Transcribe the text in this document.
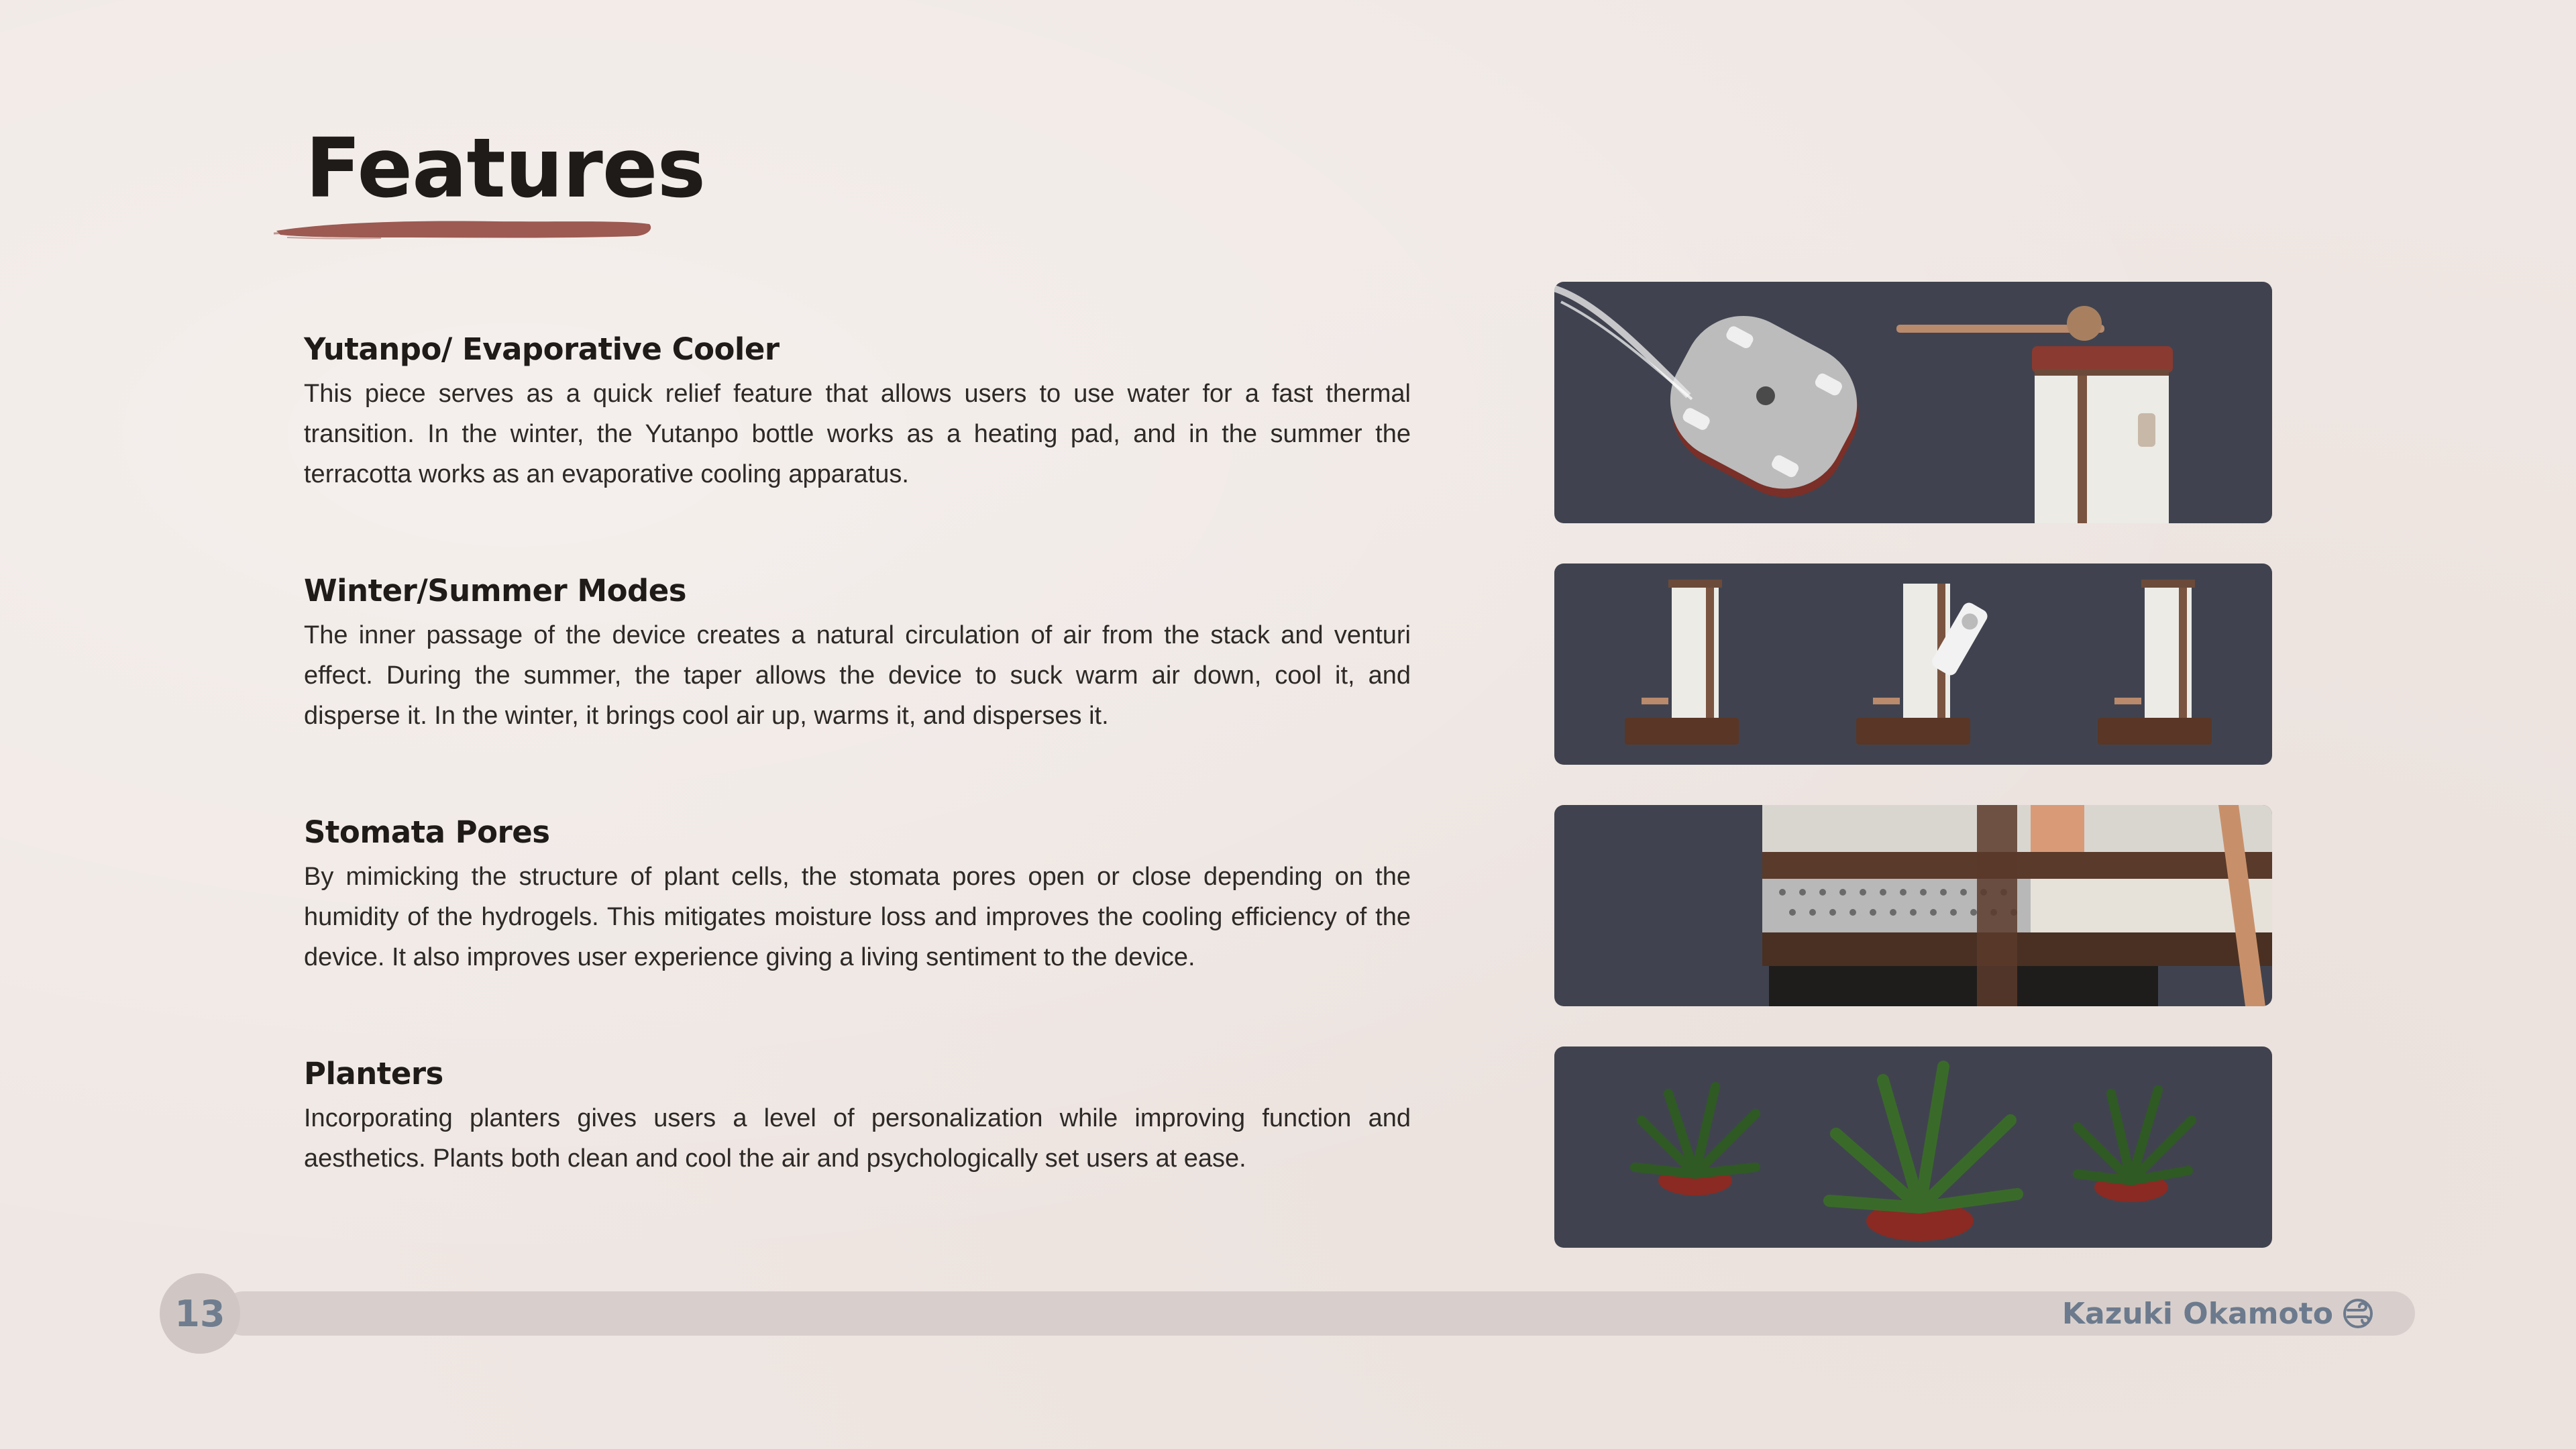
Features
Yutanpo/ Evaporative Cooler

This piece serves as a quick relief feature that allows users to use water for a fast thermal transition. In the winter, the Yutanpo bottle works as a heating pad, and in the summer the terracotta works as an evaporative cooling apparatus.

Winter/Summer Modes

The inner passage of the device creates a natural circulation of air from the stack and venturi effect. During the summer, the taper allows the device to suck warm air down, cool it, and disperse it. In the winter, it brings cool air up, warms it, and disperses it.

Stomata Pores

By mimicking the structure of plant cells, the stomata pores open or close depending on the humidity of the hydrogels. This mitigates moisture loss and improves the cooling efficiency of the device. It also improves user experience giving a living sentiment to the device.

Planters

Incorporating planters gives users a level of personalization while improving function and aesthetics. Plants both clean and cool the air and psychologically set users at ease.

13	Kazuki Okamoto
